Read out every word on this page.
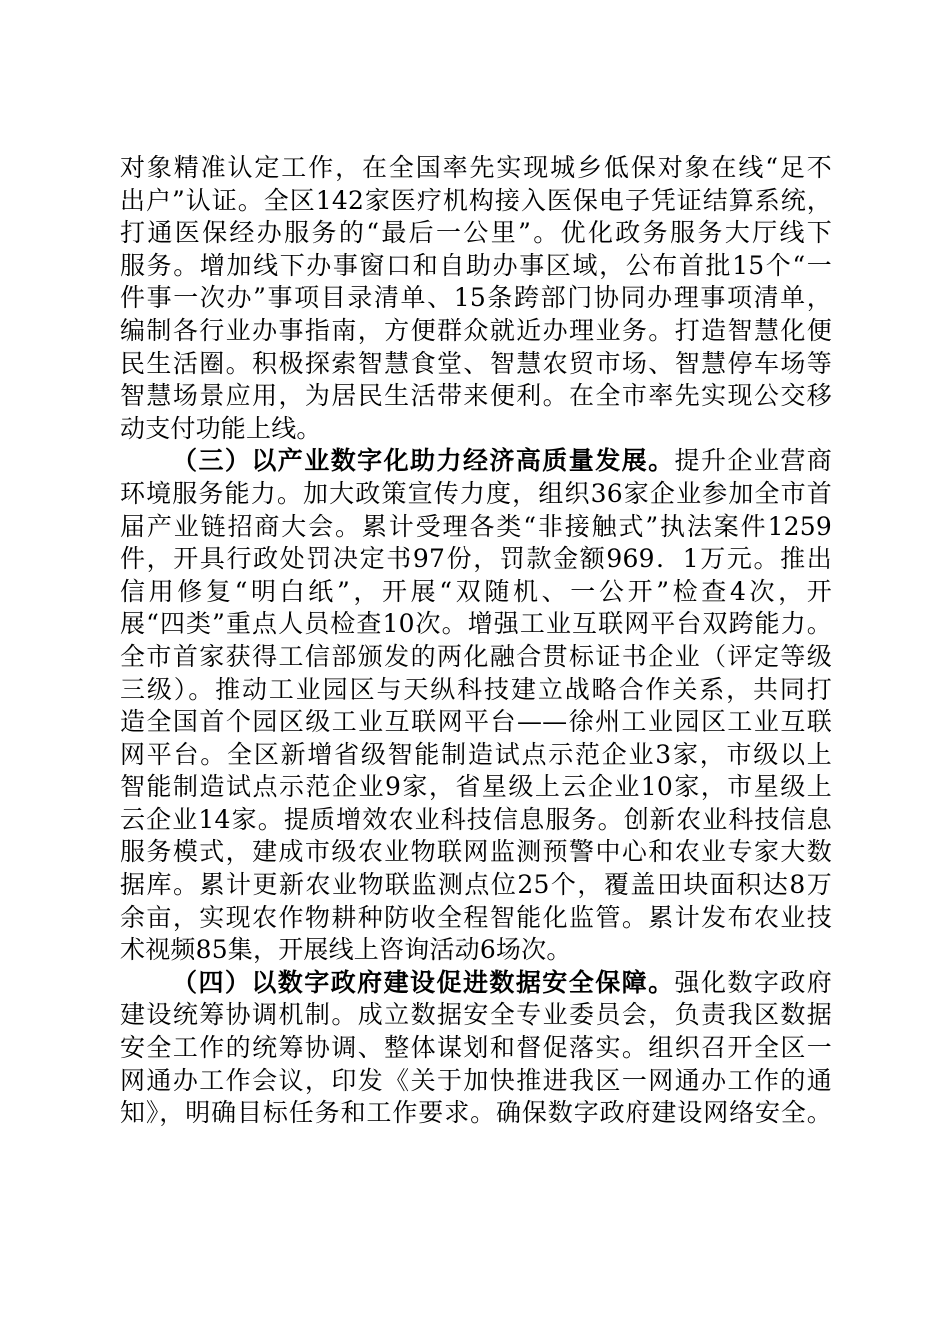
对象精准认定工作，在全国率先实现城乡低保对象在线“足不
出户”认证。全区142家医疗机构接入医保电子凭证结算系统，
打通医保经办服务的“最后一公里”。优化政务服务大厅线下
服务。增加线下办事窗口和自助办事区域，公布首批15个“一
件事一次办”事项目录清单、15条跨部门协同办理事项清单，
编制各行业办事指南，方便群众就近办理业务。打造智慧化便
民生活圈。积极探索智慧食堂、智慧农贸市场、智慧停车场等
智慧场景应用，为居民生活带来便利。在全市率先实现公交移
动支付功能上线。
（三）以产业数字化助力经济高质量发展。提升企业营商
环境服务能力。加大政策宣传力度，组织36家企业参加全市首
届产业链招商大会。累计受理各类“非接触式”执法案件1259
件，开具行政处罚决定书97份，罚款金额969．1万元。推出
信用修复“明白纸”，开展“双随机、一公开”检查4次，开
展“四类”重点人员检查10次。增强工业互联网平台双跨能力。
全市首家获得工信部颁发的两化融合贯标证书企业（评定等级
三级）。推动工业园区与天纵科技建立战略合作关系，共同打
造全国首个园区级工业互联网平台——徐州工业园区工业互联
网平台。全区新增省级智能制造试点示范企业3家，市级以上
智能制造试点示范企业9家，省星级上云企业10家，市星级上
云企业14家。提质增效农业科技信息服务。创新农业科技信息
服务模式，建成市级农业物联网监测预警中心和农业专家大数
据库。累计更新农业物联监测点位25个，覆盖田块面积达8万
余亩，实现农作物耕种防收全程智能化监管。累计发布农业技
术视频85集，开展线上咨询活动6场次。
（四）以数字政府建设促进数据安全保障。强化数字政府
建设统筹协调机制。成立数据安全专业委员会，负责我区数据
安全工作的统筹协调、整体谋划和督促落实。组织召开全区一
网通办工作会议，印发《关于加快推进我区一网通办工作的通
知》，明确目标任务和工作要求。确保数字政府建设网络安全。
